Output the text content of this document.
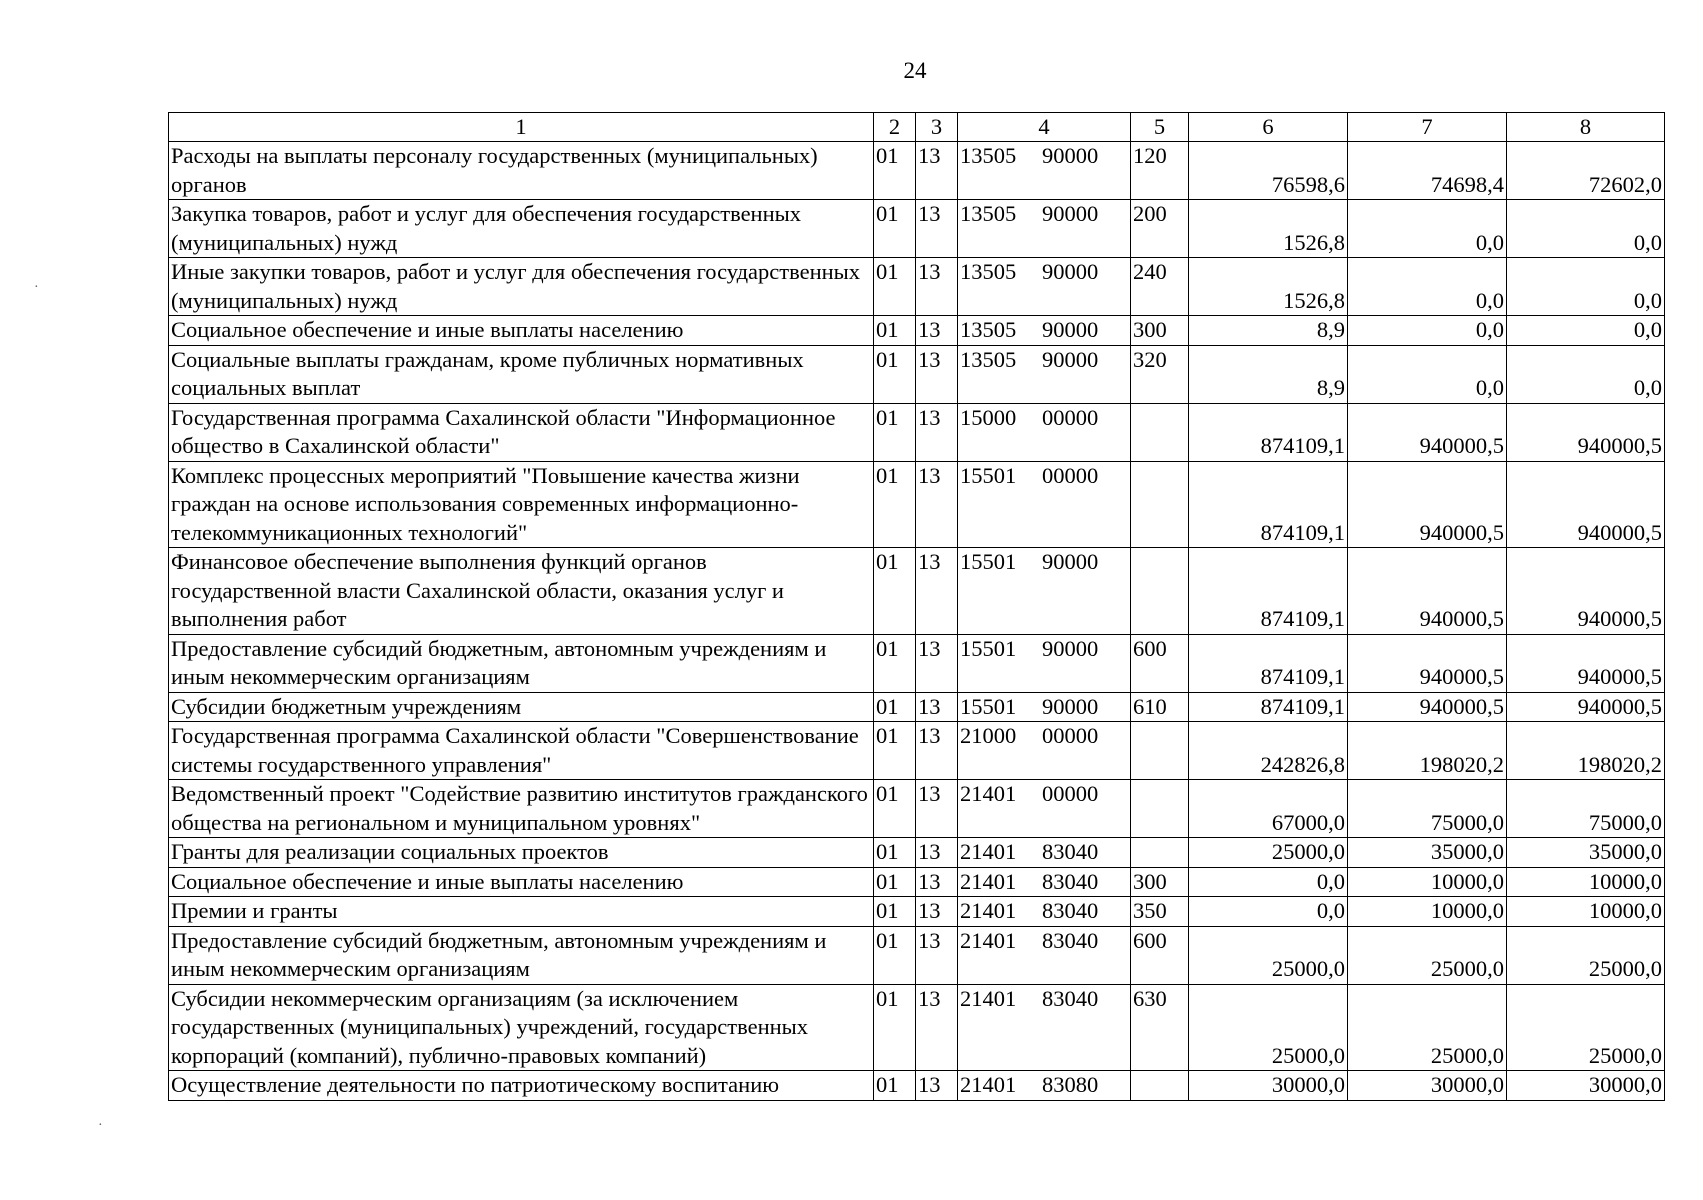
24
1	2	3	4	5	6	7	8
Расходы на выплаты персоналу государственных (муниципальных) органов	01	13	13505 90000	120	76598,6	74698,4	72602,0
Закупка товаров, работ и услуг для обеспечения государственных (муниципальных) нужд	01	13	13505 90000	200	1526,8	0,0	0,0
Иные закупки товаров, работ и услуг для обеспечения государственных (муниципальных) нужд	01	13	13505 90000	240	1526,8	0,0	0,0
Социальное обеспечение и иные выплаты населению	01	13	13505 90000	300	8,9	0,0	0,0
Социальные выплаты гражданам, кроме публичных нормативных социальных выплат	01	13	13505 90000	320	8,9	0,0	0,0
Государственная программа Сахалинской области "Информационное общество в Сахалинской области"	01	13	15000 00000		874109,1	940000,5	940000,5
Комплекс процессных мероприятий "Повышение качества жизни граждан на основе использования современных информационно-телекоммуникационных технологий"	01	13	15501 00000		874109,1	940000,5	940000,5
Финансовое обеспечение выполнения функций органов государственной власти Сахалинской области, оказания услуг и выполнения работ	01	13	15501 90000		874109,1	940000,5	940000,5
Предоставление субсидий бюджетным, автономным учреждениям и иным некоммерческим организациям	01	13	15501 90000	600	874109,1	940000,5	940000,5
Субсидии бюджетным учреждениям	01	13	15501 90000	610	874109,1	940000,5	940000,5
Государственная программа Сахалинской области "Совершенствование системы государственного управления"	01	13	21000 00000		242826,8	198020,2	198020,2
Ведомственный проект "Содействие развитию институтов гражданского общества на региональном и муниципальном уровнях"	01	13	21401 00000		67000,0	75000,0	75000,0
Гранты для реализации социальных проектов	01	13	21401 83040		25000,0	35000,0	35000,0
Социальное обеспечение и иные выплаты населению	01	13	21401 83040	300	0,0	10000,0	10000,0
Премии и гранты	01	13	21401 83040	350	0,0	10000,0	10000,0
Предоставление субсидий бюджетным, автономным учреждениям и иным некоммерческим организациям	01	13	21401 83040	600	25000,0	25000,0	25000,0
Субсидии некоммерческим организациям (за исключением государственных (муниципальных) учреждений, государственных корпораций (компаний), публично-правовых компаний)	01	13	21401 83040	630	25000,0	25000,0	25000,0
Осуществление деятельности по патриотическому воспитанию	01	13	21401 83080		30000,0	30000,0	30000,0
·
·
